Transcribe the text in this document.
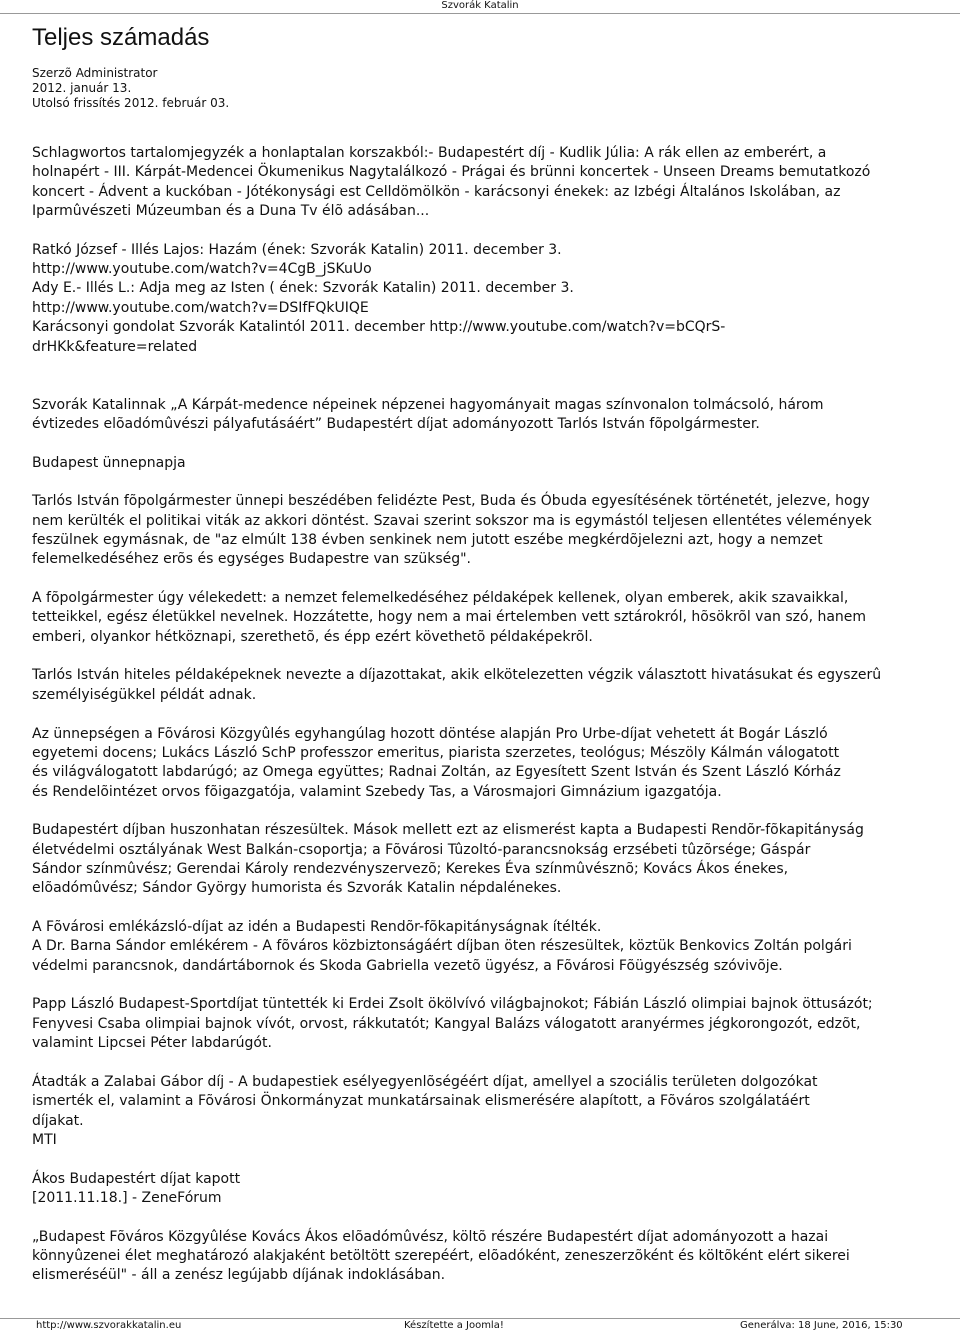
Szvorák Katalin
Teljes számadás
Szerzõ Administrator
2012. január 13.
Utolsó frissítés 2012. február 03.
Schlagwortos tartalomjegyzék a honlaptalan korszakból:- Budapestért díj - Kudlik Júlia: A rák ellen az emberért, a
holnapért - III. Kárpát-Medencei Ökumenikus Nagytalálkozó - Prágai és brünni koncertek - Unseen Dreams bemutatkozó
koncert - Ádvent a kuckóban - Jótékonysági est Celldömölkön - karácsonyi énekek: az Izbégi Általános Iskolában, az
Iparmûvészeti Múzeumban és a Duna Tv élõ adásában...

Ratkó József - Illés Lajos: Hazám (ének: Szvorák Katalin) 2011. december 3.
http://www.youtube.com/watch?v=4CgB_jSKuUo
Ady E.- Illés L.: Adja meg az Isten ( ének: Szvorák Katalin) 2011. december 3.
http://www.youtube.com/watch?v=DSIfFQkUIQE
Karácsonyi gondolat Szvorák Katalintól 2011. december http://www.youtube.com/watch?v=bCQrS-
drHKk&feature=related

Szvorák Katalinnak „A Kárpát-medence népeinek népzenei hagyományait magas színvonalon tolmácsoló, három
évtizedes elõadómûvészi pályafutásáért” Budapestért díjat adományozott Tarlós István fõpolgármester.

Budapest ünnepnapja

Tarlós István fõpolgármester ünnepi beszédében felidézte Pest, Buda és Óbuda egyesítésének történetét, jelezve, hogy
nem kerülték el politikai viták az akkori döntést. Szavai szerint sokszor ma is egymástól teljesen ellentétes vélemények
feszülnek egymásnak, de "az elmúlt 138 évben senkinek nem jutott eszébe megkérdõjelezni azt, hogy a nemzet
felemelkedéséhez erõs és egységes Budapestre van szükség".

A fõpolgármester úgy vélekedett: a nemzet felemelkedéséhez példaképek kellenek, olyan emberek, akik szavaikkal,
tetteikkel, egész életükkel nevelnek. Hozzátette, hogy nem a mai értelemben vett sztárokról, hõsökrõl van szó, hanem
emberi, olyankor hétköznapi, szerethetõ, és épp ezért követhetõ példaképekrõl.

Tarlós István hiteles példaképeknek nevezte a díjazottakat, akik elkötelezetten végzik választott hivatásukat és egyszerû
személyiségükkel példát adnak.

Az ünnepségen a Fõvárosi Közgyûlés egyhangúlag hozott döntése alapján Pro Urbe-díjat vehetett át Bogár László
egyetemi docens; Lukács László SchP professzor emeritus, piarista szerzetes, teológus; Mészöly Kálmán válogatott
és világválogatott labdarúgó; az Omega együttes; Radnai Zoltán, az Egyesített Szent István és Szent László Kórház
és Rendelõintézet orvos fõigazgatója, valamint Szebedy Tas, a Városmajori Gimnázium igazgatója.

Budapestért díjban huszonhatan részesültek. Mások mellett ezt az elismerést kapta a Budapesti Rendõr-fõkapitányság
életvédelmi osztályának West Balkán-csoportja; a Fõvárosi Tûzoltó-parancsnokság erzsébeti tûzõrsége; Gáspár
Sándor színmûvész; Gerendai Károly rendezvényszervezõ; Kerekes Éva színmûvésznõ; Kovács Ákos énekes,
elõadómûvész; Sándor György humorista és Szvorák Katalin népdalénekes.

A Fõvárosi emlékázsló-díjat az idén a Budapesti Rendõr-fõkapitányságnak ítélték.
A Dr. Barna Sándor emlékérem - A fõváros közbiztonságáért díjban öten részesültek, köztük Benkovics Zoltán polgári
védelmi parancsnok, dandártábornok és Skoda Gabriella vezetõ ügyész, a Fõvárosi Fõügyészség szóvivõje.

Papp László Budapest-Sportdíjat tüntették ki Erdei Zsolt ökölvívó világbajnokot; Fábián László olimpiai bajnok öttusázót;
Fenyvesi Csaba olimpiai bajnok vívót, orvost, rákkutatót; Kangyal Balázs válogatott aranyérmes jégkorongozót, edzõt,
valamint Lipcsei Péter labdarúgót.

Átadták a Zalabai Gábor díj - A budapestiek esélyegyenlõségéért díjat, amellyel a szociális területen dolgozókat
ismerték el, valamint a Fõvárosi Önkormányzat munkatársainak elismerésére alapított, a Fõváros szolgálatáért
díjakat.
MTI

Ákos Budapestért díjat kapott
[2011.11.18.] - ZeneFórum

„Budapest Fõváros Közgyûlése Kovács Ákos elõadómûvész, költõ részére Budapestért díjat adományozott a hazai
könnyûzenei élet meghatározó alakjaként betöltött szerepéért, elõadóként, zeneszerzõként és költõként elért sikerei
elismeréséül" - áll a zenész legújabb díjának indoklásában.
http://www.szvorakkatalin.eu	Készítette a Joomla!	Generálva: 18 June, 2016, 15:30
